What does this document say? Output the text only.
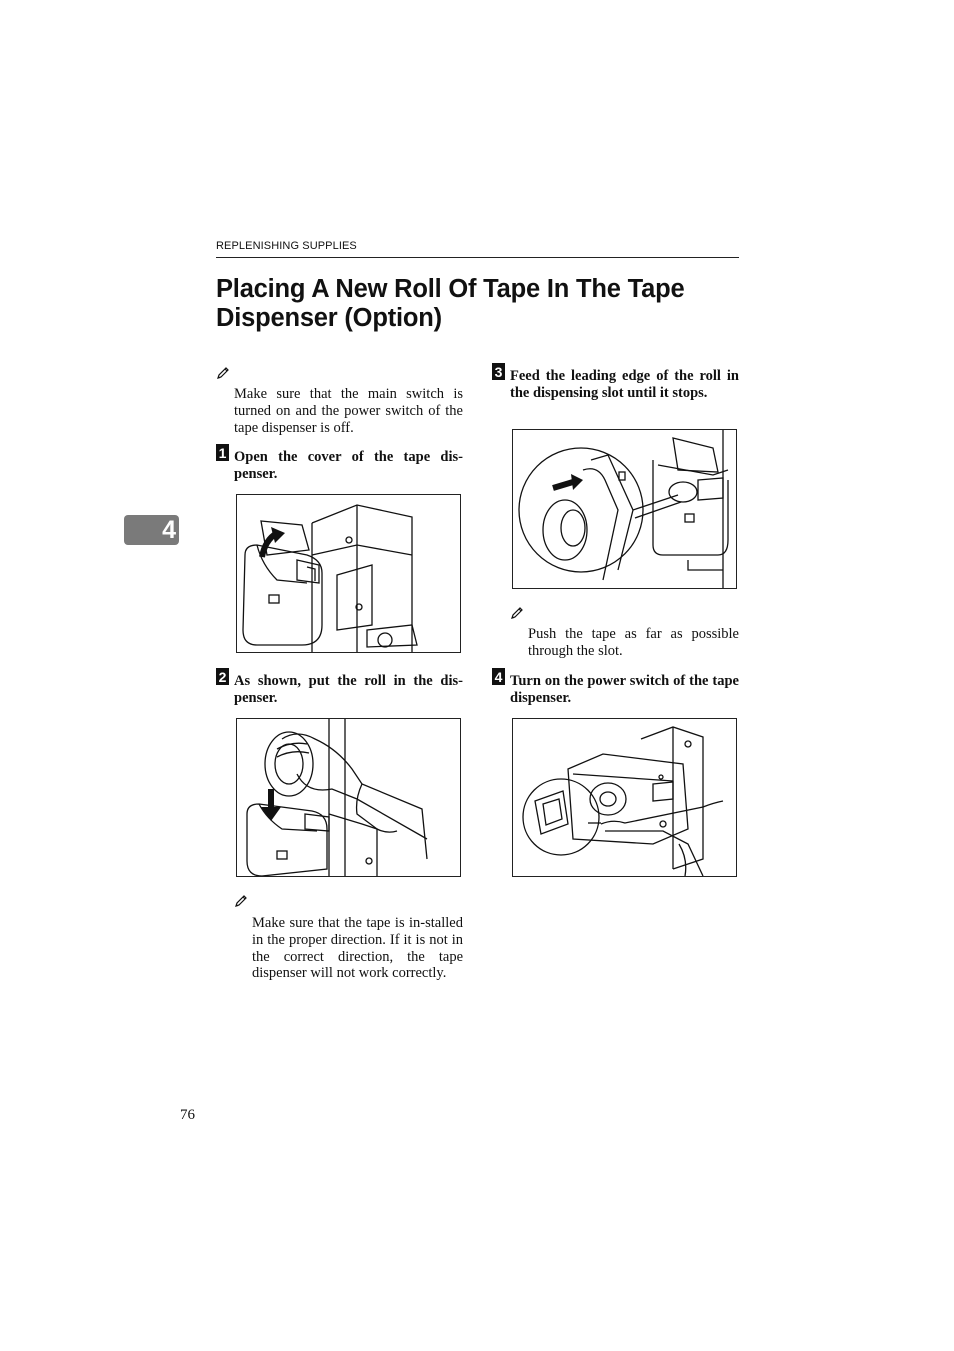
REPLENISHING SUPPLIES
Placing A New Roll Of Tape In The Tape Dispenser (Option)
4
Make sure that the main switch is turned on and the power switch of the tape dispenser is off.
1 Open the cover of the tape dis-penser.
2 As shown, put the roll in the dis-penser.
Make sure that the tape is in-stalled in the proper direction. If it is not in the correct direction, the tape dispenser will not work correctly.
3 Feed the leading edge of the roll in the dispensing slot until it stops.
Push the tape as far as possible through the slot.
4 Turn on the power switch of the tape dispenser.
76
